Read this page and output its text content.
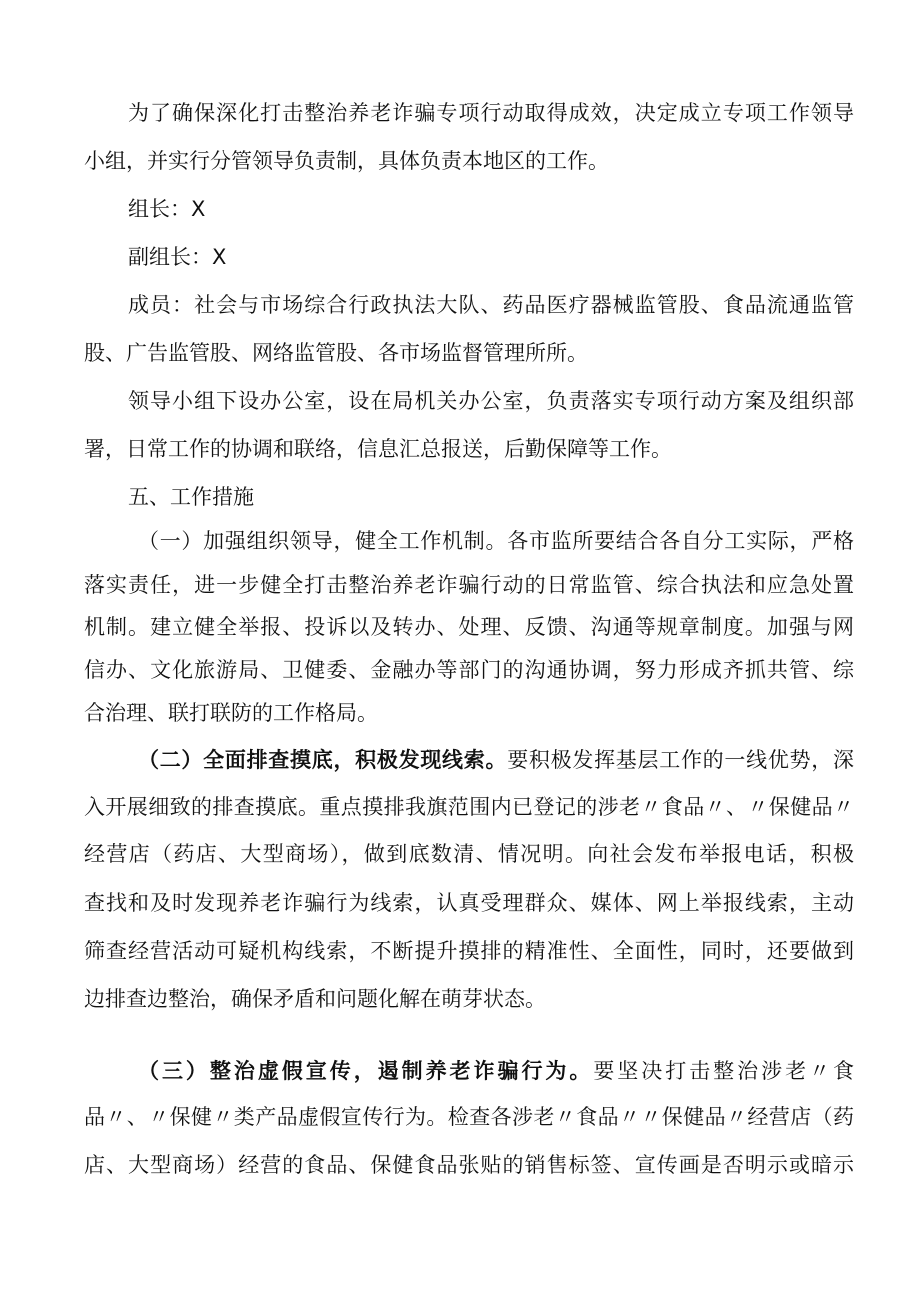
为了确保深化打击整治养老诈骗专项行动取得成效，决定成立专项工作领导
小组，并实行分管领导负责制，具体负责本地区的工作。
组长：X
副组长：X
成员：社会与市场综合行政执法大队、药品医疗器械监管股、食品流通监管
股、广告监管股、网络监管股、各市场监督管理所所。
领导小组下设办公室，设在局机关办公室，负责落实专项行动方案及组织部
署，日常工作的协调和联络，信息汇总报送，后勤保障等工作。
五、工作措施
（一）加强组织领导，健全工作机制。各市监所要结合各自分工实际，严格
落实责任，进一步健全打击整治养老诈骗行动的日常监管、综合执法和应急处置
机制。建立健全举报、投诉以及转办、处理、反馈、沟通等规章制度。加强与网
信办、文化旅游局、卫健委、金融办等部门的沟通协调，努力形成齐抓共管、综
合治理、联打联防的工作格局。
（二）全面排查摸底，积极发现线索。要积极发挥基层工作的一线优势，深
入开展细致的排查摸底。重点摸排我旗范围内已登记的涉老〃食品〃、〃保健品〃
经营店（药店、大型商场），做到底数清、情况明。向社会发布举报电话，积极
查找和及时发现养老诈骗行为线索，认真受理群众、媒体、网上举报线索，主动
筛查经营活动可疑机构线索，不断提升摸排的精准性、全面性，同时，还要做到
边排查边整治，确保矛盾和问题化解在萌芽状态。
（三）整治虚假宣传，遏制养老诈骗行为。要坚决打击整治涉老〃食
品〃、〃保健〃类产品虚假宣传行为。检查各涉老〃食品〃〃保健品〃经营店（药
店、大型商场）经营的食品、保健食品张贴的销售标签、宣传画是否明示或暗示
